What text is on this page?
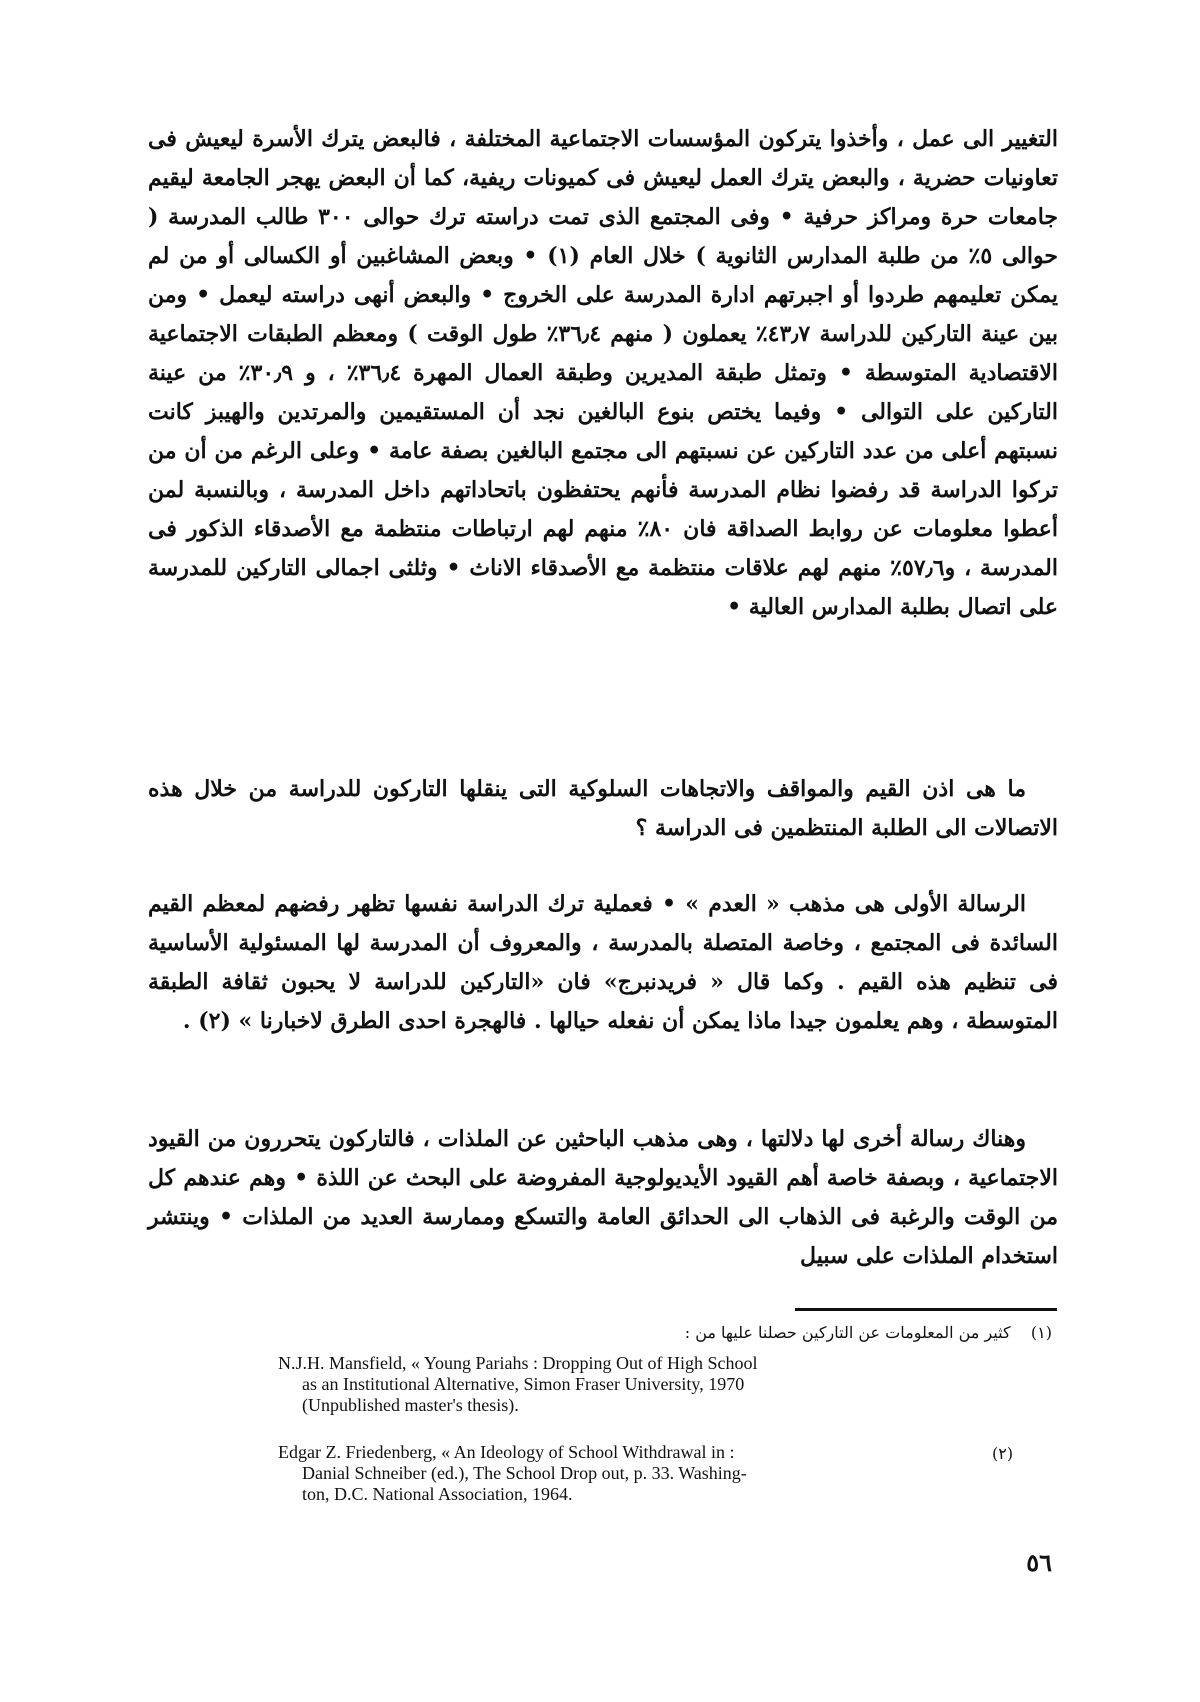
التغيير الى عمل ، وأخذوا يتركون المؤسسات الاجتماعية المختلفة ، فالبعض يترك الأسرة ليعيش فى تعاونيات حضرية ، والبعض يترك العمل ليعيش فى كميونات ريفية، كما أن البعض يهجر الجامعة ليقيم جامعات حرة ومراكز حرفية • وفى المجتمع الذى تمت دراسته ترك حوالى ٣٠٠ طالب المدرسة ( حوالى ٥٪ من طلبة المدارس الثانوية ) خلال العام (١) • وبعض المشاغبين أو الكسالى أو من لم يمكن تعليمهم طردوا أو اجبرتهم ادارة المدرسة على الخروج • والبعض أنهى دراسته ليعمل • ومن بين عينة التاركين للدراسة ٤٣٫٧٪ يعملون ( منهم ٣٦٫٤٪ طول الوقت ) ومعظم الطبقات الاجتماعية الاقتصادية المتوسطة • وتمثل طبقة المديرين وطبقة العمال المهرة ٣٦٫٤٪ ، و ٣٠٫٩٪ من عينة التاركين على التوالى • وفيما يختص بنوع البالغين نجد أن المستقيمين والمرتدين والهيبز كانت نسبتهم أعلى من عدد التاركين عن نسبتهم الى مجتمع البالغين بصفة عامة • وعلى الرغم من أن من تركوا الدراسة قد رفضوا نظام المدرسة فأنهم يحتفظون باتحاداتهم داخل المدرسة ، وبالنسبة لمن أعطوا معلومات عن روابط الصداقة فان ٨٠٪ منهم لهم ارتباطات منتظمة مع الأصدقاء الذكور فى المدرسة ، و٥٧٫٦٪ منهم لهم علاقات منتظمة مع الأصدقاء الاناث • وثلثى اجمالى التاركين للمدرسة على اتصال بطلبة المدارس العالية •

ما هى اذن القيم والمواقف والاتجاهات السلوكية التى ينقلها التاركون للدراسة من خلال هذه الاتصالات الى الطلبة المنتظمين فى الدراسة ؟

الرسالة الأولى هى مذهب « العدم » • فعملية ترك الدراسة نفسها تظهر رفضهم لمعظم القيم السائدة فى المجتمع ، وخاصة المتصلة بالمدرسة ، والمعروف أن المدرسة لها المسئولية الأساسية فى تنظيم هذه القيم . وكما قال « فريدنبرج» فان «التاركين للدراسة لا يحبون ثقافة الطبقة المتوسطة ، وهم يعلمون جيدا ماذا يمكن أن نفعله حيالها . فالهجرة احدى الطرق لاخبارنا » (٢) .

وهناك رسالة أخرى لها دلالتها ، وهى مذهب الباحثين عن الملذات ، فالتاركون يتحررون من القيود الاجتماعية ، وبصفة خاصة أهم القيود الأيديولوجية المفروضة على البحث عن اللذة • وهم عندهم كل من الوقت والرغبة فى الذهاب الى الحدائق العامة والتسكع وممارسة العديد من الملذات • وينتشر استخدام الملذات على سبيل

(١)    كثير من المعلومات عن التاركين حصلنا عليها من :
N.J.H. Mansfield, « Young Pariahs : Dropping Out of High School
as an Institutional Alternative, Simon Fraser University, 1970
(Unpublished master's thesis).
Edgar Z. Friedenberg, « An Ideology of School Withdrawal in :
Danial Schneiber (ed.), The School Drop out, p. 33. Washing-
ton, D.C. National Association, 1964.
(٢)
٥٦
